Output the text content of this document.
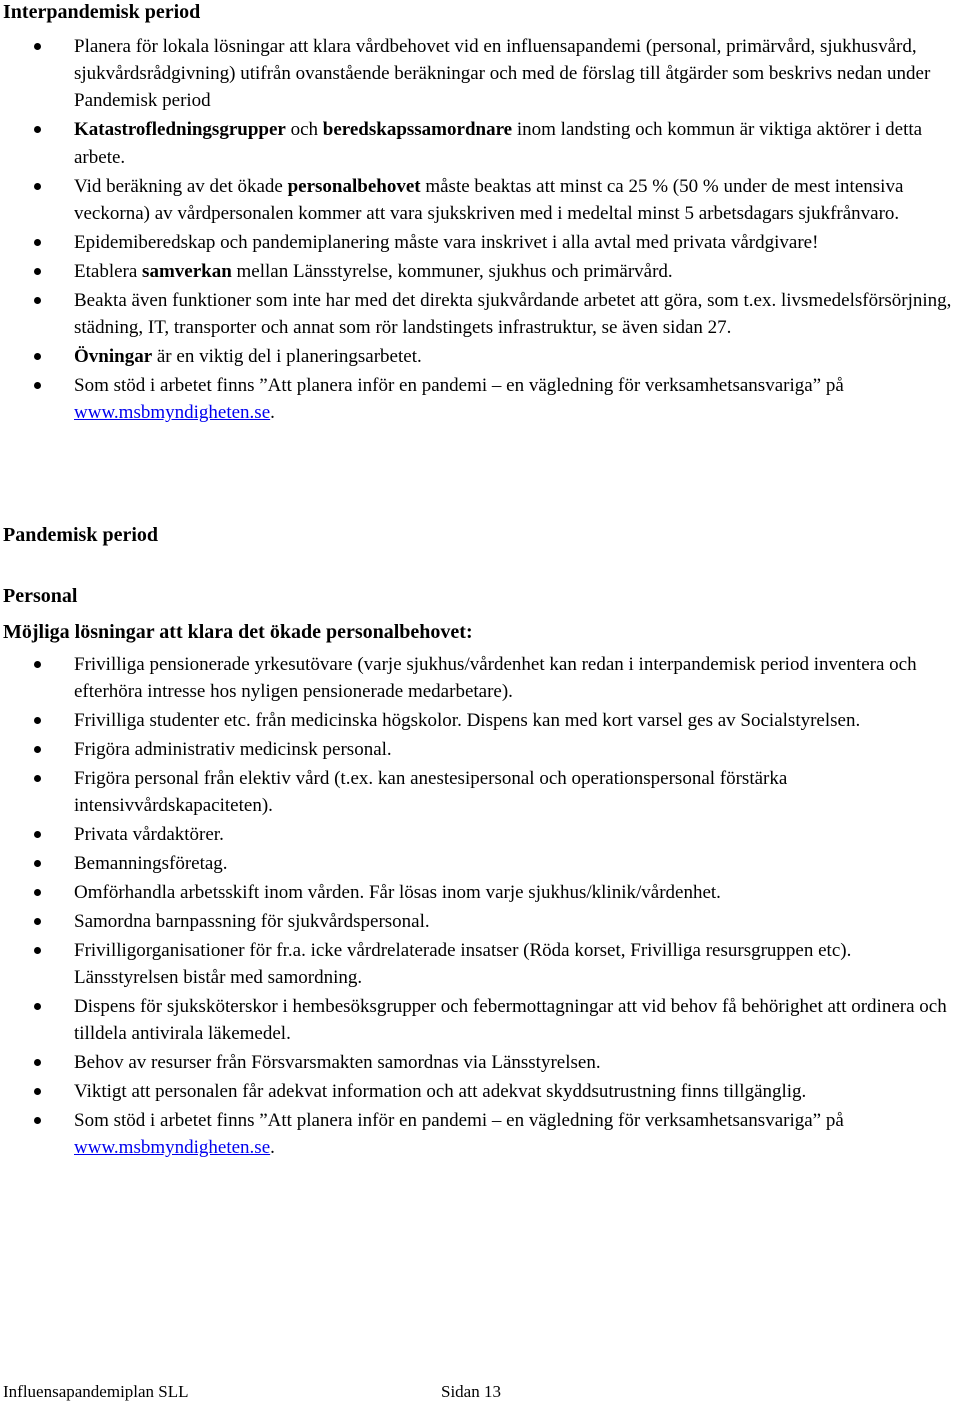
Interpandemisk period
Planera för lokala lösningar att klara vårdbehovet vid en influensapandemi (personal, primärvård, sjukhusvård, sjukvårdsrådgivning) utifrån ovanstående beräkningar och med de förslag till åtgärder som beskrivs nedan under Pandemisk period
Katastrofledningsgrupper och beredskapssamordnare inom landsting och kommun är viktiga aktörer i detta arbete.
Vid beräkning av det ökade personalbehovet måste beaktas att minst ca 25 % (50 % under de mest intensiva veckorna) av vårdpersonalen kommer att vara sjukskriven med i medeltal minst 5 arbetsdagars sjukfrånvaro.
Epidemiberedskap och pandemiplanering måste vara inskrivet i alla avtal med privata vårdgivare!
Etablera samverkan mellan Länsstyrelse, kommuner, sjukhus och primärvård.
Beakta även funktioner som inte har med det direkta sjukvårdande arbetet att göra, som t.ex. livsmedelsförsörjning, städning, IT, transporter och annat som rör landstingets infrastruktur, se även sidan 27.
Övningar är en viktig del i planeringsarbetet.
Som stöd i arbetet finns ”Att planera inför en pandemi – en vägledning för verksamhetsansvariga” på www.msbmyndigheten.se.
Pandemisk period
Personal
Möjliga lösningar att klara det ökade personalbehovet:
Frivilliga pensionerade yrkesutövare (varje sjukhus/vårdenhet kan redan i interpandemisk period inventera och efterhöra intresse hos nyligen pensionerade medarbetare).
Frivilliga studenter etc. från medicinska högskolor. Dispens kan med kort varsel ges av Socialstyrelsen.
Frigöra administrativ medicinsk personal.
Frigöra personal från elektiv vård (t.ex. kan anestesipersonal och operationspersonal förstärka intensivvårdskapaciteten).
Privata vårdaktörer.
Bemanningsföretag.
Omförhandla arbetsskift inom vården. Får lösas inom varje sjukhus/klinik/vårdenhet.
Samordna barnpassning för sjukvårdspersonal.
Frivilligorganisationer för fr.a. icke vårdrelaterade insatser (Röda korset, Frivilliga resursgruppen etc). Länsstyrelsen bistår med samordning.
Dispens för sjuksköterskor i hembesöksgrupper och febermottagningar att vid behov få behörighet att ordinera och tilldela antivirala läkemedel.
Behov av resurser från Försvarsmakten samordnas via Länsstyrelsen.
Viktigt att personalen får adekvat information och att adekvat skyddsutrustning finns tillgänglig.
Som stöd i arbetet finns ”Att planera inför en pandemi – en vägledning för verksamhetsansvariga” på www.msbmyndigheten.se.
Influensapandemiplan SLL	Sidan 13
